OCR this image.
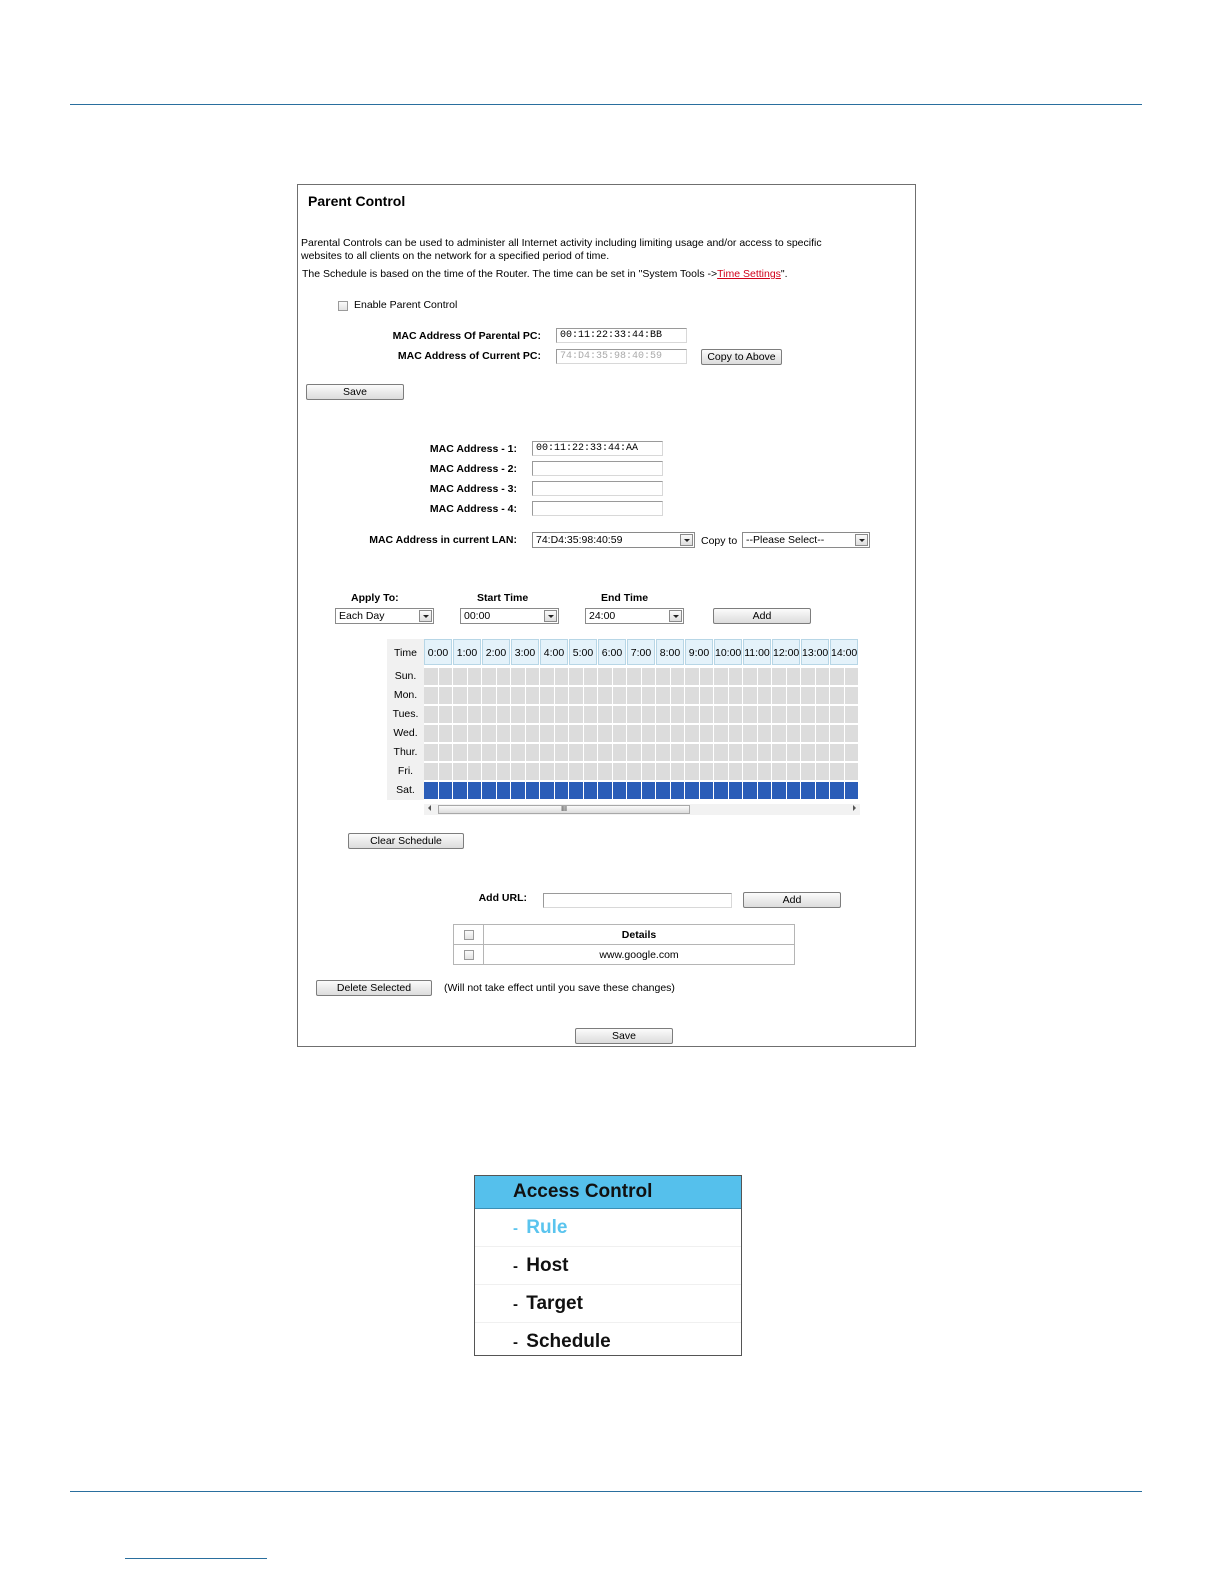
Parent Control
Parental Controls can be used to administer all Internet activity including limiting usage and/or access to specific
websites to all clients on the network for a specified period of time.
The Schedule is based on the time of the Router. The time can be set in "System Tools ->Time Settings".
Enable Parent Control
MAC Address Of Parental PC:	00:11:22:33:44:BB
MAC Address of Current PC:	74:D4:35:98:40:59	Copy to Above
Save
MAC Address - 1:	00:11:22:33:44:AA
MAC Address - 2:
MAC Address - 3:
MAC Address - 4:
MAC Address in current LAN:	74:D4:35:98:40:59	Copy to --Please Select--
Apply To:
Each Day
Start Time
00:00
End Time
24:00	Add
Time	0:00 1:00 2:00 3:00 4:00 5:00 6:00 7:00 8:00 9:00 10:00 11:00 12:00 13:00 14:00
Sun.
Mon.
Tues.
Wed.
Thur.
Fri.
Sat.
III
Clear Schedule
Add URL:	Add
	Details
	www.google.com
Delete Selected	(Will not take effect until you save these changes)
Save
Access Control
- Rule
- Host
- Target
- Schedule
